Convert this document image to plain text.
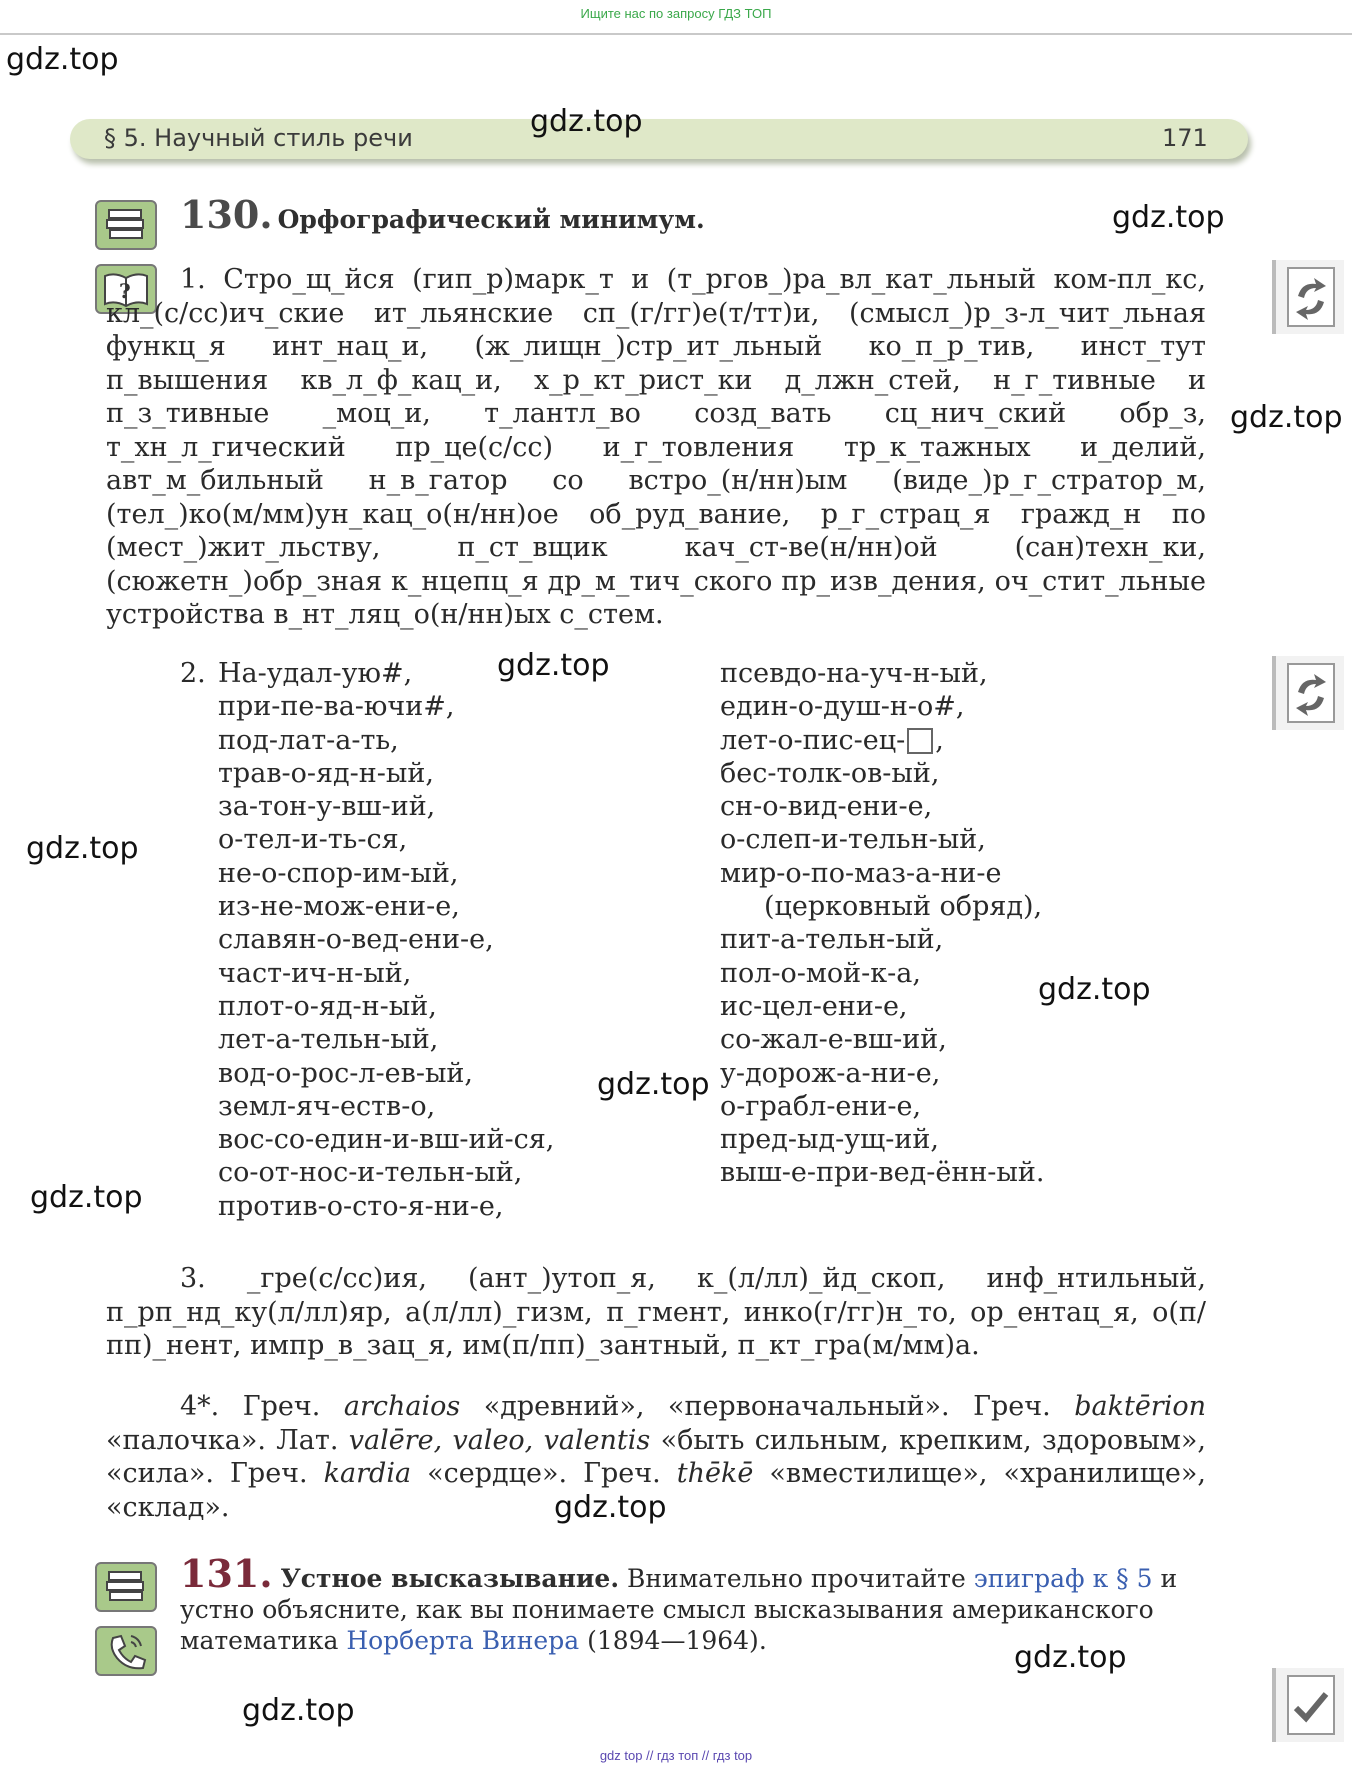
Ищите нас по запросу ГДЗ ТОП
gdz.top
gdz.top
gdz.top
gdz.top
gdz.top
gdz.top
gdz.top
gdz.top
gdz.top
gdz.top
gdz.top
gdz.top
§ 5. Научный стиль речи	171
?
130. Орфографический минимум.
1. Стро_щ_йся (гип_р)марк_т и (т_ргов_)ра_вл_кат_льный ком-пл_кс, кл_(с/сс)ич_ские ит_льянские сп_(г/гг)е(т/тт)и, (смысл_)р_з-л_чит_льная функц_я инт_нац_и, (ж_лищн_)стр_ит_льный ко_п_р_тив, инст_тут п_вышения кв_л_ф_кац_и, х_р_кт_рист_ки д_лжн_стей, н_г_тивные и п_з_тивные _моц_и, т_лантл_во созд_вать сц_нич_ский обр_з, т_хн_л_гический пр_це(с/сс) и_г_товления тр_к_тажных и_делий, авт_м_бильный н_в_гатор со встро_(н/нн)ым (виде_)р_г_стратор_м, (тел_)ко(м/мм)ун_кац_о(н/нн)ое об_руд_вание, р_г_страц_я гражд_н по (мест_)жит_льству, п_ст_вщик кач_ст-ве(н/нн)ой (сан)техн_ки, (сюжетн_)обр_зная к_нцепц_я др_м_тич_ского пр_изв_дения, оч_стит_льные устройства в_нт_ляц_о(н/нн)ых с_стем.
2. На-удал-ую#,
при-пе-ва-ючи#,
под-лат-а-ть,
трав-о-яд-н-ый,
за-тон-у-вш-ий,
о-тел-и-ть-ся,
не-о-спор-им-ый,
из-не-мож-ени-е,
славян-о-вед-ени-е,
част-ич-н-ый,
плот-о-яд-н-ый,
лет-а-тельн-ый,
вод-о-рос-л-ев-ый,
земл-яч-еств-о,
вос-со-един-и-вш-ий-ся,
со-от-нос-и-тельн-ый,
против-о-сто-я-ни-е,
псевдо-на-уч-н-ый,
един-о-душ-н-о#,
лет-о-пис-ец- ,
бес-толк-ов-ый,
сн-о-вид-ени-е,
о-слеп-и-тельн-ый,
мир-о-по-маз-а-ни-е
(церковный обряд),
пит-а-тельн-ый,
пол-о-мой-к-а,
ис-цел-ени-е,
со-жал-е-вш-ий,
у-дорож-а-ни-е,
о-грабл-ени-е,
пред-ыд-ущ-ий,
выш-е-при-вед-ённ-ый.
3. _гре(с/сс)ия, (ант_)утоп_я, к_(л/лл)_йд_скоп, инф_нтильный, п_рп_нд_ку(л/лл)яр, а(л/лл)_гизм, п_гмент, инко(г/гг)н_то, ор_ентац_я, о(п/пп)_нент, импр_в_зац_я, им(п/пп)_зантный, п_кт_гра(м/мм)а.
4*. Греч. archaios «древний», «первоначальный». Греч. baktērion «палочка». Лат. valēre, valeo, valentis «быть сильным, крепким, здоровым», «сила». Греч. kardia «сердце». Греч. thēkē «вместилище», «хранилище», «склад».
131. Устное высказывание. Внимательно прочитайте эпиграф к § 5 и устно объясните, как вы понимаете смысл высказывания американского математика Норберта Винера (1894—1964).
gdz top // гдз топ // гдз top
